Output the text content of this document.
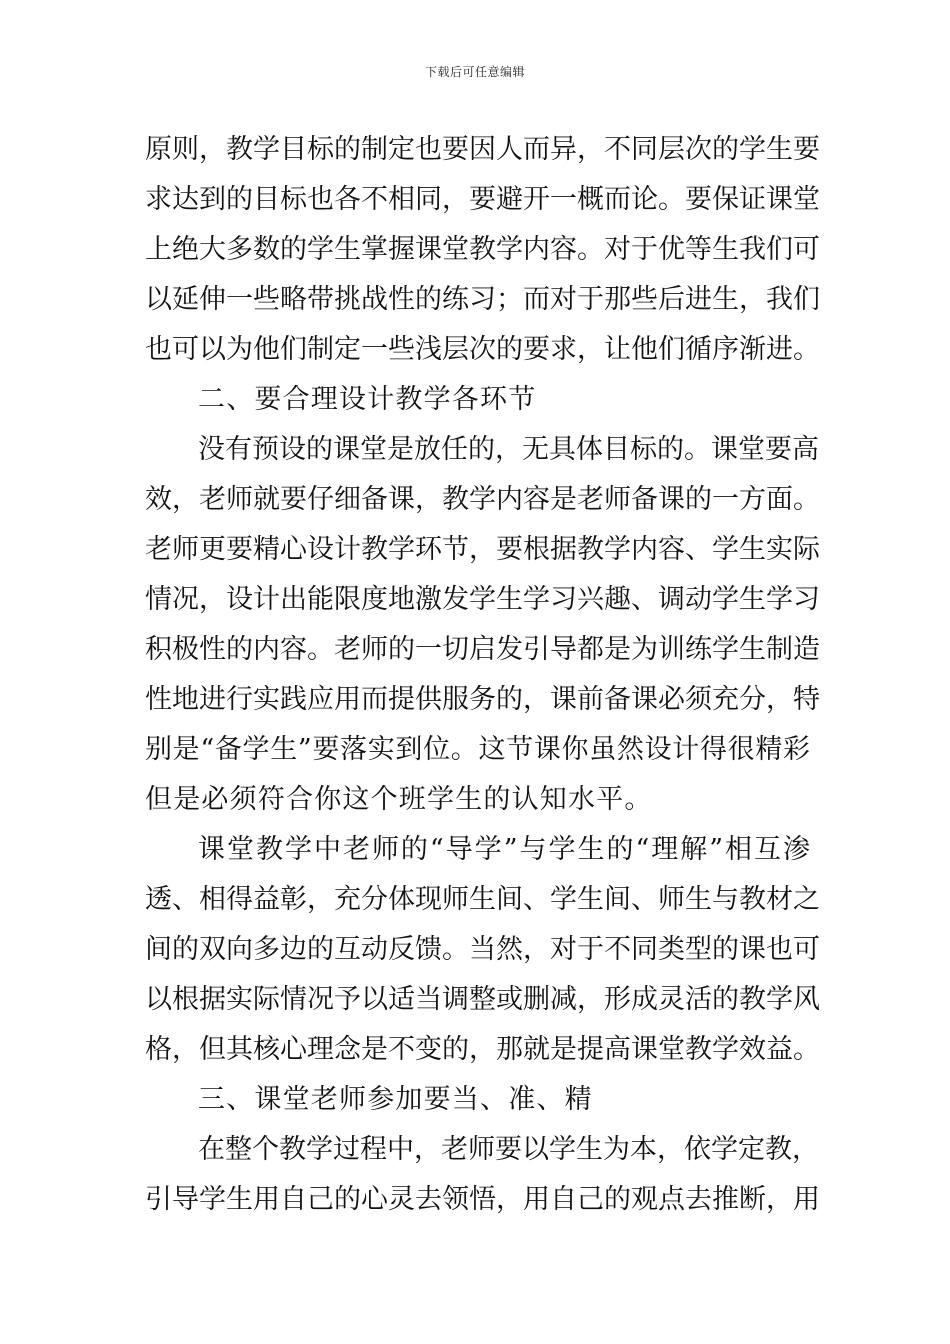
下载后可任意编辑
原则，教学目标的制定也要因人而异，不同层次的学生要
求达到的目标也各不相同，要避开一概而论。要保证课堂
上绝大多数的学生掌握课堂教学内容。对于优等生我们可
以延伸一些略带挑战性的练习；而对于那些后进生，我们
也可以为他们制定一些浅层次的要求，让他们循序渐进。
二、要合理设计教学各环节
没有预设的课堂是放任的，无具体目标的。课堂要高
效，老师就要仔细备课，教学内容是老师备课的一方面。
老师更要精心设计教学环节，要根据教学内容、学生实际
情况，设计出能限度地激发学生学习兴趣、调动学生学习
积极性的内容。老师的一切启发引导都是为训练学生制造
性地进行实践应用而提供服务的，课前备课必须充分，特
别是“备学生”要落实到位。这节课你虽然设计得很精彩
但是必须符合你这个班学生的认知水平。
课堂教学中老师的“导学”与学生的“理解”相互渗
透、相得益彰，充分体现师生间、学生间、师生与教材之
间的双向多边的互动反馈。当然，对于不同类型的课也可
以根据实际情况予以适当调整或删减，形成灵活的教学风
格，但其核心理念是不变的，那就是提高课堂教学效益。
三、课堂老师参加要当、准、精
在整个教学过程中，老师要以学生为本，依学定教，
引导学生用自己的心灵去领悟，用自己的观点去推断，用
